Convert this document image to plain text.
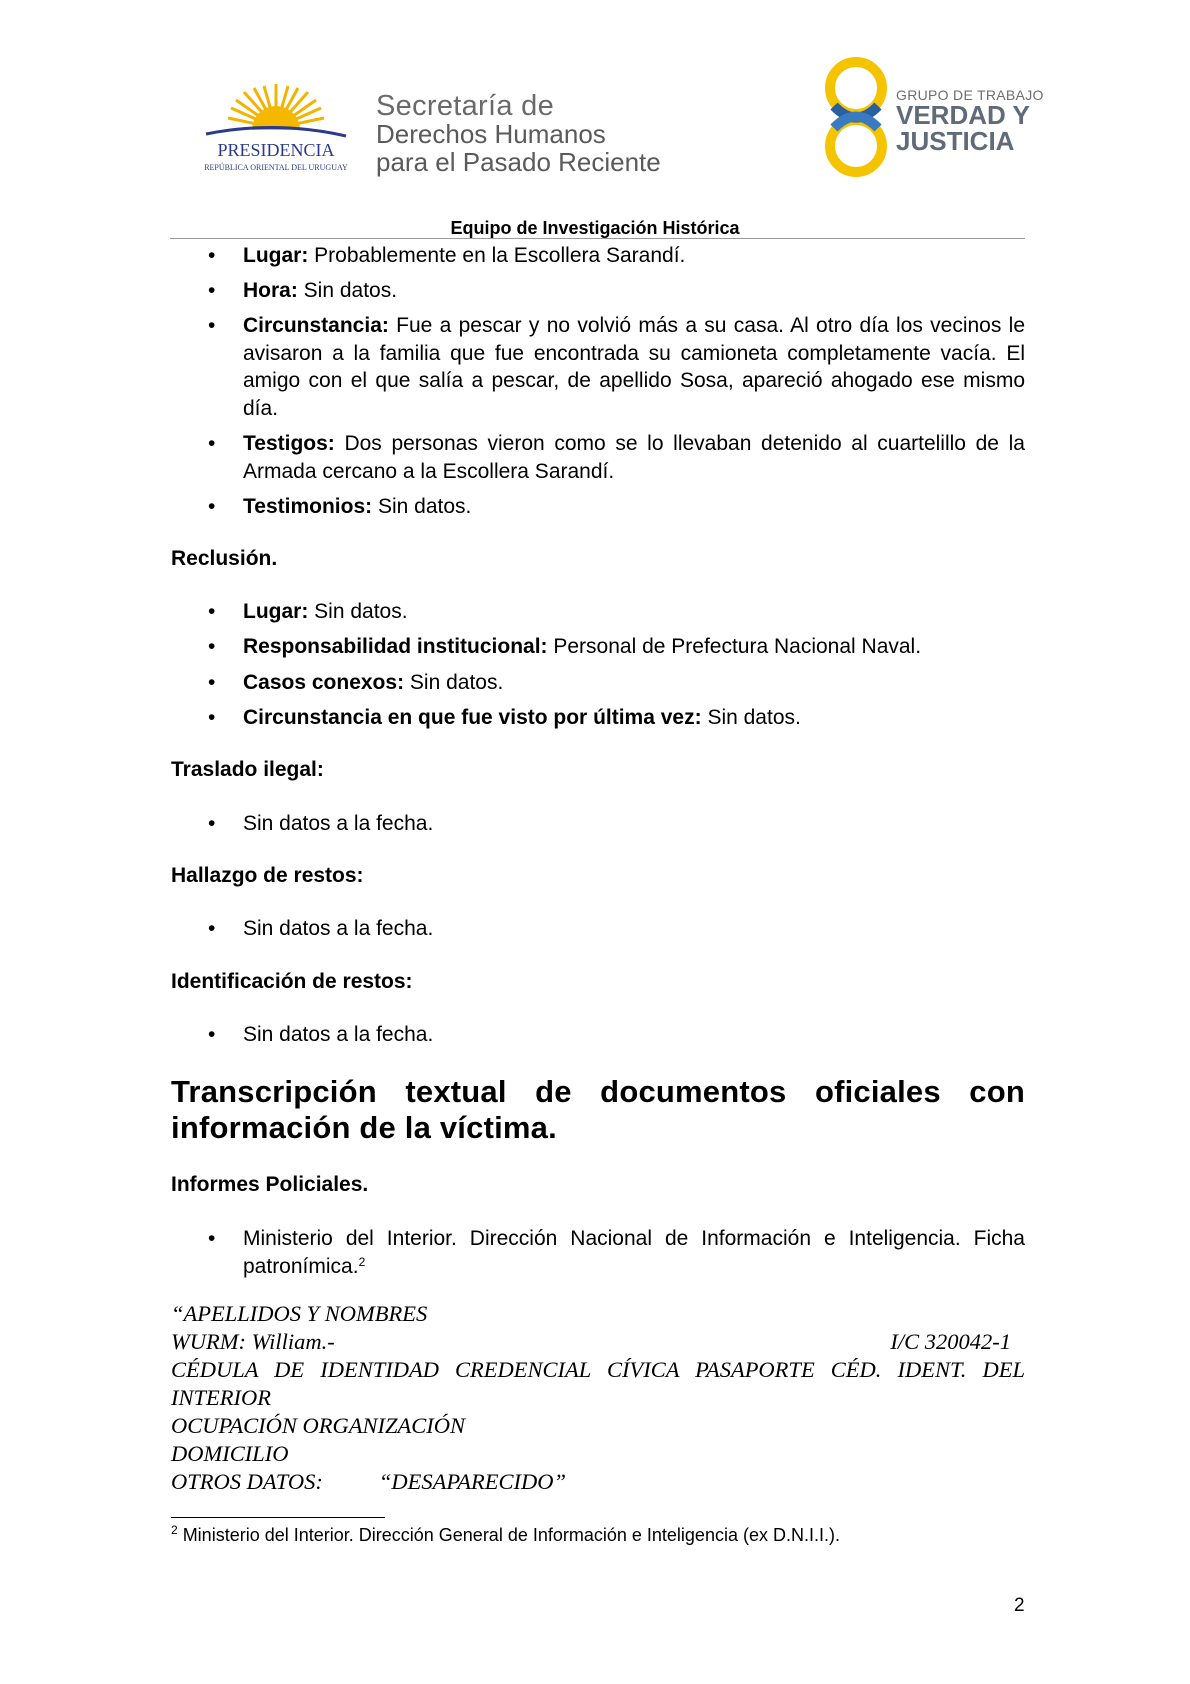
PRESIDENCIA
REPÚBLICA ORIENTAL DEL URUGUAY
Secretaría de
Derechos Humanos
para el Pasado Reciente
GRUPO DE TRABAJO
VERDAD Y
JUSTICIA
Equipo de Investigación Histórica
• Lugar: Probablemente en la Escollera Sarandí.
• Hora: Sin datos.
• Circunstancia: Fue a pescar y no volvió más a su casa. Al otro día los vecinos le avisaron a la familia que fue encontrada su camioneta completamente vacía. El amigo con el que salía a pescar, de apellido Sosa, apareció ahogado ese mismo día.
• Testigos: Dos personas vieron como se lo llevaban detenido al cuartelillo de la Armada cercano a la Escollera Sarandí.
• Testimonios: Sin datos.
Reclusión.
• Lugar: Sin datos.
• Responsabilidad institucional: Personal de Prefectura Nacional Naval.
• Casos conexos: Sin datos.
• Circunstancia en que fue visto por última vez: Sin datos.
Traslado ilegal:
• Sin datos a la fecha.
Hallazgo de restos:
• Sin datos a la fecha.
Identificación de restos:
• Sin datos a la fecha.
Transcripción textual de documentos oficiales con información de la víctima.
Informes Policiales.
• Ministerio del Interior. Dirección Nacional de Información e Inteligencia. Ficha patronímica.$^2$
“APELLIDOS Y NOMBRES
WURM: William.-	I/C 320042-1
CÉDULA DE IDENTIDAD CREDENCIAL CÍVICA PASAPORTE CÉD. IDENT. DEL INTERIOR
OCUPACIÓN ORGANIZACIÓN
DOMICILIO
OTROS DATOS: “DESAPARECIDO”
$^2$ Ministerio del Interior. Dirección General de Información e Inteligencia (ex D.N.I.I.).
2
